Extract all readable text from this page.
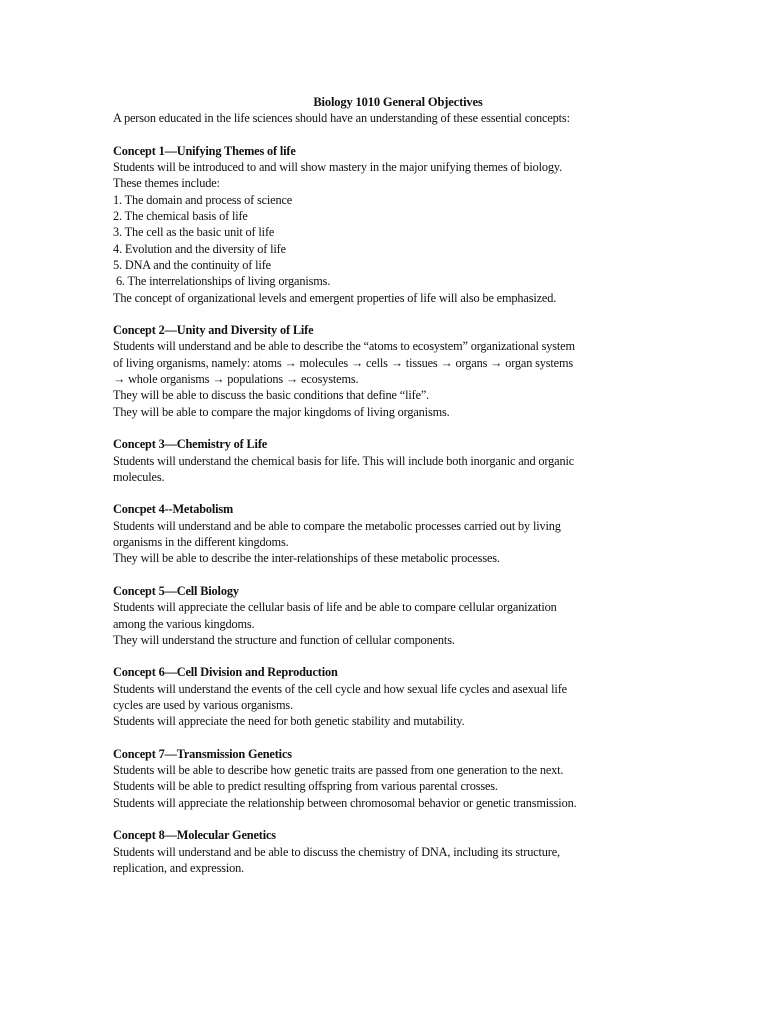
Biology 1010 General Objectives

A person educated in the life sciences should have an understanding of these essential concepts:

Concept 1—Unifying Themes of life

Students will be introduced to and will show mastery in the major unifying themes of biology.

These themes include:

1. The domain and process of science

2. The chemical basis of life

3. The cell as the basic unit of life

4. Evolution and the diversity of life

5. DNA and the continuity of life

6. The interrelationships of living organisms.

The concept of organizational levels and emergent properties of life will also be emphasized.

Concept 2—Unity and Diversity of Life

Students will understand and be able to describe the “atoms to ecosystem” organizational system

of living organisms, namely: atoms → molecules → cells → tissues → organs → organ systems

→ whole organisms → populations → ecosystems.

They will be able to discuss the basic conditions that define “life”.

They will be able to compare the major kingdoms of living organisms.

Concept 3—Chemistry of Life

Students will understand the chemical basis for life. This will include both inorganic and organic

molecules.

Concpet 4--Metabolism

Students will understand and be able to compare the metabolic processes carried out by living

organisms in the different kingdoms.

They will be able to describe the inter-relationships of these metabolic processes.

Concept 5—Cell Biology

Students will appreciate the cellular basis of life and be able to compare cellular organization

among the various kingdoms.

They will understand the structure and function of cellular components.

Concept 6—Cell Division and Reproduction

Students will understand the events of the cell cycle and how sexual life cycles and asexual life

cycles are used by various organisms.

Students will appreciate the need for both genetic stability and mutability.

Concept 7—Transmission Genetics

Students will be able to describe how genetic traits are passed from one generation to the next.

Students will be able to predict resulting offspring from various parental crosses.

Students will appreciate the relationship between chromosomal behavior or genetic transmission.

Concept 8—Molecular Genetics

Students will understand and be able to discuss the chemistry of DNA, including its structure,

replication, and expression.
